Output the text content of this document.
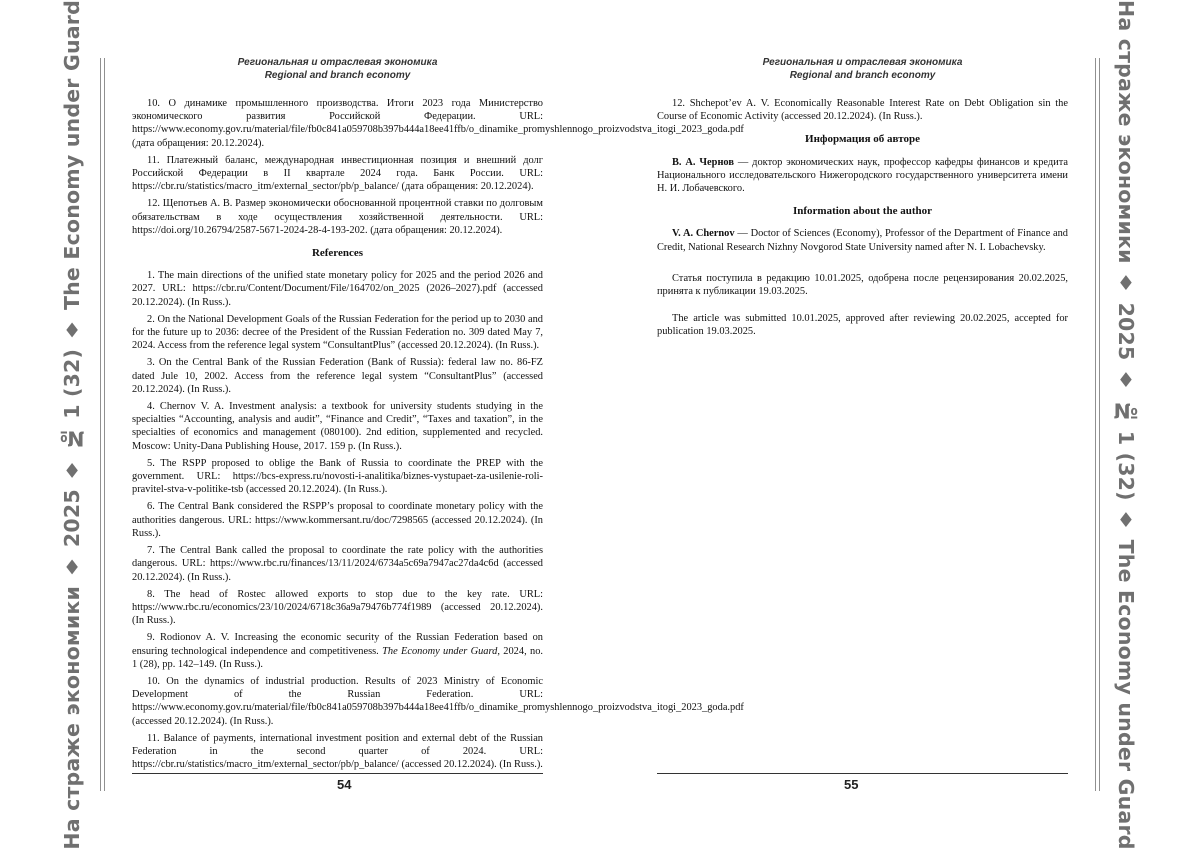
На страже экономики ♦ 2025 ♦ № 1 (32) ♦ The Economy under Guard	Региональная и отраслевая экономика
Regional and branch economy

10. О динамике промышленного производства. Итоги 2023 года Министерство экономического развития Российской Федерации. URL: https://www.economy.gov.ru/material/file/fb0c841a059708b397b444a18ee41ffb/o_dinamike_promyshlennogo_proizvodstva_itogi_2023_goda.pdf (дата обращения: 20.12.2024).

11. Платежный баланс, международная инвестиционная позиция и внешний долг Российской Федерации в II квартале 2024 года. Банк России. URL: https://cbr.ru/statistics/macro_itm/external_sector/pb/p_balance/ (дата обращения: 20.12.2024).

12. Щепотьев А. В. Размер экономически обоснованной процентной ставки по долговым обязательствам в ходе осуществления хозяйственной деятельности. URL: https://doi.org/10.26794/2587-5671-2024-28-4-193-202. (дата обращения: 20.12.2024).

References

1. The main directions of the unified state monetary policy for 2025 and the period 2026 and 2027. URL: https://cbr.ru/Content/Document/File/164702/on_2025 (2026–2027).pdf (accessed 20.12.2024). (In Russ.).

2. On the National Development Goals of the Russian Federation for the period up to 2030 and for the future up to 2036: decree of the President of the Russian Federation no. 309 dated May 7, 2024. Access from the reference legal system “ConsultantPlus” (accessed 20.12.2024). (In Russ.).

3. On the Central Bank of the Russian Federation (Bank of Russia): federal law no. 86-FZ dated Jule 10, 2002. Access from the reference legal system “ConsultantPlus” (accessed 20.12.2024). (In Russ.).

4. Chernov V. A. Investment analysis: a textbook for university students studying in the specialties “Accounting, analysis and audit”, “Finance and Credit”, “Taxes and taxation”, in the specialties of economics and management (080100). 2nd edition, supplemented and recycled. Moscow: Unity-Dana Publishing House, 2017. 159 p. (In Russ.).

5. The RSPP proposed to oblige the Bank of Russia to coordinate the PREP with the government. URL: https://bcs-express.ru/novosti-i-analitika/biznes-vystupaet-za-usilenie-roli-pravitel-stva-v-politike-tsb (accessed 20.12.2024). (In Russ.).

6. The Central Bank considered the RSPP’s proposal to coordinate monetary policy with the authorities dangerous. URL: https://www.kommersant.ru/doc/7298565 (accessed 20.12.2024). (In Russ.).

7. The Central Bank called the proposal to coordinate the rate policy with the authorities dangerous. URL: https://www.rbc.ru/finances/13/11/2024/6734a5c69a7947ac27da4c6d (accessed 20.12.2024). (In Russ.).

8. The head of Rostec allowed exports to stop due to the key rate. URL: https://www.rbc.ru/economics/23/10/2024/6718c36a9a79476b774f1989 (accessed 20.12.2024). (In Russ.).

9. Rodionov A. V. Increasing the economic security of the Russian Federation based on ensuring technological independence and competitiveness. The Economy under Guard, 2024, no. 1 (28), pp. 142–149. (In Russ.).

10. On the dynamics of industrial production. Results of 2023 Ministry of Economic Development of the Russian Federation. URL: https://www.economy.gov.ru/material/file/fb0c841a059708b397b444a18ee41ffb/o_dinamike_promyshlennogo_proizvodstva_itogi_2023_goda.pdf (accessed 20.12.2024). (In Russ.).

11. Balance of payments, international investment position and external debt of the Russian Federation in the second quarter of 2024. URL: https://cbr.ru/statistics/macro_itm/external_sector/pb/p_balance/ (accessed 20.12.2024). (In Russ.).

54	На страже экономики ♦ 2025 ♦ № 1 (32) ♦ The Economy under Guard
Региональная и отраслевая экономика
Regional and branch economy

12. Shchepot’ev A. V. Economically Reasonable Interest Rate on Debt Obligation sin the Course of Economic Activity (accessed 20.12.2024). (In Russ.).

Информация об авторе

В. А. Чернов — доктор экономических наук, профессор кафедры финансов и кредита Национального исследовательского Нижегородского государственного университета имени Н. И. Лобачевского.

Information about the author

V. A. Chernov — Doctor of Sciences (Economy), Professor of the Department of Finance and Credit, National Research Nizhny Novgorod State University named after N. I. Lobachevsky.

Статья поступила в редакцию 10.01.2025, одобрена после рецензирования 20.02.2025, принята к публикации 19.03.2025.

The article was submitted 10.01.2025, approved after reviewing 20.02.2025, accepted for publication 19.03.2025.

55
